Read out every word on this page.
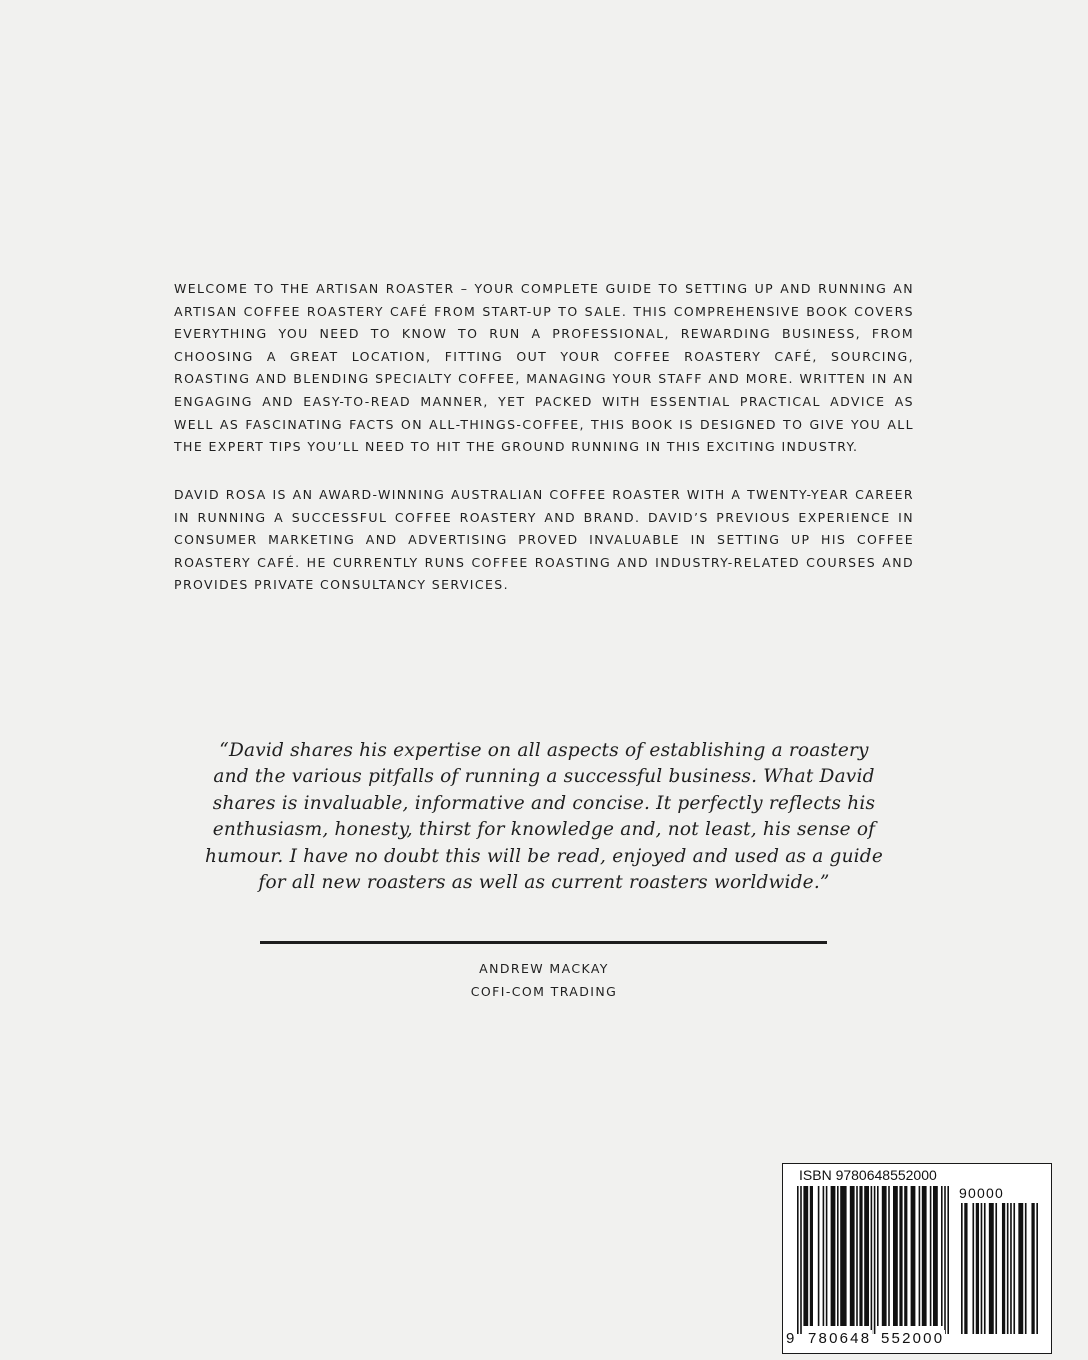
WELCOME TO THE ARTISAN ROASTER – YOUR COMPLETE GUIDE TO SETTING UP AND RUNNING AN ARTISAN COFFEE ROASTERY CAFÉ FROM START-UP TO SALE. THIS COMPREHENSIVE BOOK COVERS EVERYTHING YOU NEED TO KNOW TO RUN A PROFESSIONAL, REWARDING BUSINESS, FROM CHOOSING A GREAT LOCATION, FITTING OUT YOUR COFFEE ROASTERY CAFÉ, SOURCING, ROASTING AND BLENDING SPECIALTY COFFEE, MANAGING YOUR STAFF AND MORE. WRITTEN IN AN ENGAGING AND EASY-TO-READ MANNER, YET PACKED WITH ESSENTIAL PRACTICAL ADVICE AS WELL AS FASCINATING FACTS ON ALL-THINGS-COFFEE, THIS BOOK IS DESIGNED TO GIVE YOU ALL THE EXPERT TIPS YOU’LL NEED TO HIT THE GROUND RUNNING IN THIS EXCITING INDUSTRY.

DAVID ROSA IS AN AWARD-WINNING AUSTRALIAN COFFEE ROASTER WITH A TWENTY-YEAR CAREER IN RUNNING A SUCCESSFUL COFFEE ROASTERY AND BRAND. DAVID’S PREVIOUS EXPERIENCE IN CONSUMER MARKETING AND ADVERTISING PROVED INVALUABLE IN SETTING UP HIS COFFEE ROASTERY CAFÉ. HE CURRENTLY RUNS COFFEE ROASTING AND INDUSTRY-RELATED COURSES AND PROVIDES PRIVATE CONSULTANCY SERVICES.

“David shares his expertise on all aspects of establishing a roastery and the various pitfalls of running a successful business. What David shares is invaluable, informative and concise. It perfectly reflects his enthusiasm, honesty, thirst for knowledge and, not least, his sense of humour. I have no doubt this will be read, enjoyed and used as a guide for all new roasters as well as current roasters worldwide.”

ANDREW MACKAY

COFI-COM TRADING

ISBN 9780648552000
90000
9 780648 552000
